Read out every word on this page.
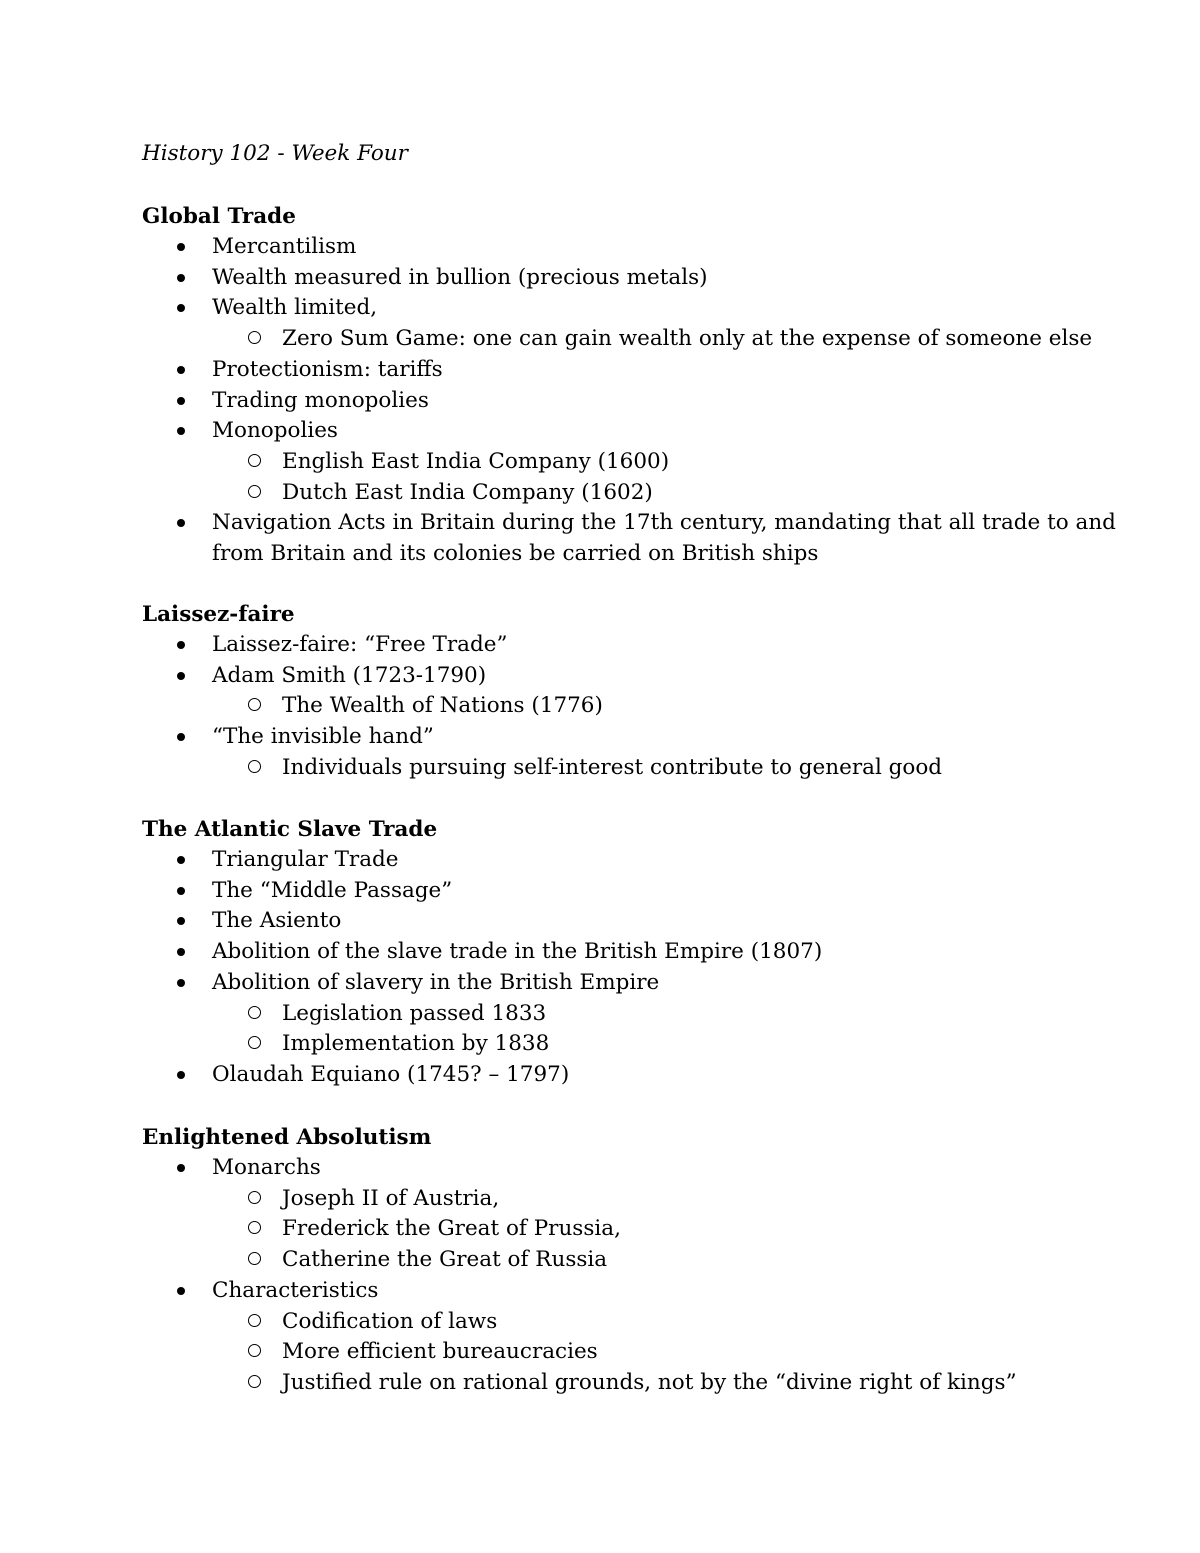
History 102 - Week Four
Global Trade
Mercantilism
Wealth measured in bullion (precious metals)
Wealth limited,
Zero Sum Game: one can gain wealth only at the expense of someone else
Protectionism: tariffs
Trading monopolies
Monopolies
English East India Company (1600)
Dutch East India Company (1602)
Navigation Acts in Britain during the 17th century, mandating that all trade to and from Britain and its colonies be carried on British ships
Laissez-faire
Laissez-faire: “Free Trade”
Adam Smith (1723-1790)
The Wealth of Nations (1776)
“The invisible hand”
Individuals pursuing self-interest contribute to general good
The Atlantic Slave Trade
Triangular Trade
The “Middle Passage”
The Asiento
Abolition of the slave trade in the British Empire (1807)
Abolition of slavery in the British Empire
Legislation passed 1833
Implementation by 1838
Olaudah Equiano (1745? – 1797)
Enlightened Absolutism
Monarchs
Joseph II of Austria,
Frederick the Great of Prussia,
Catherine the Great of Russia
Characteristics
Codification of laws
More efficient bureaucracies
Justified rule on rational grounds, not by the “divine right of kings”
